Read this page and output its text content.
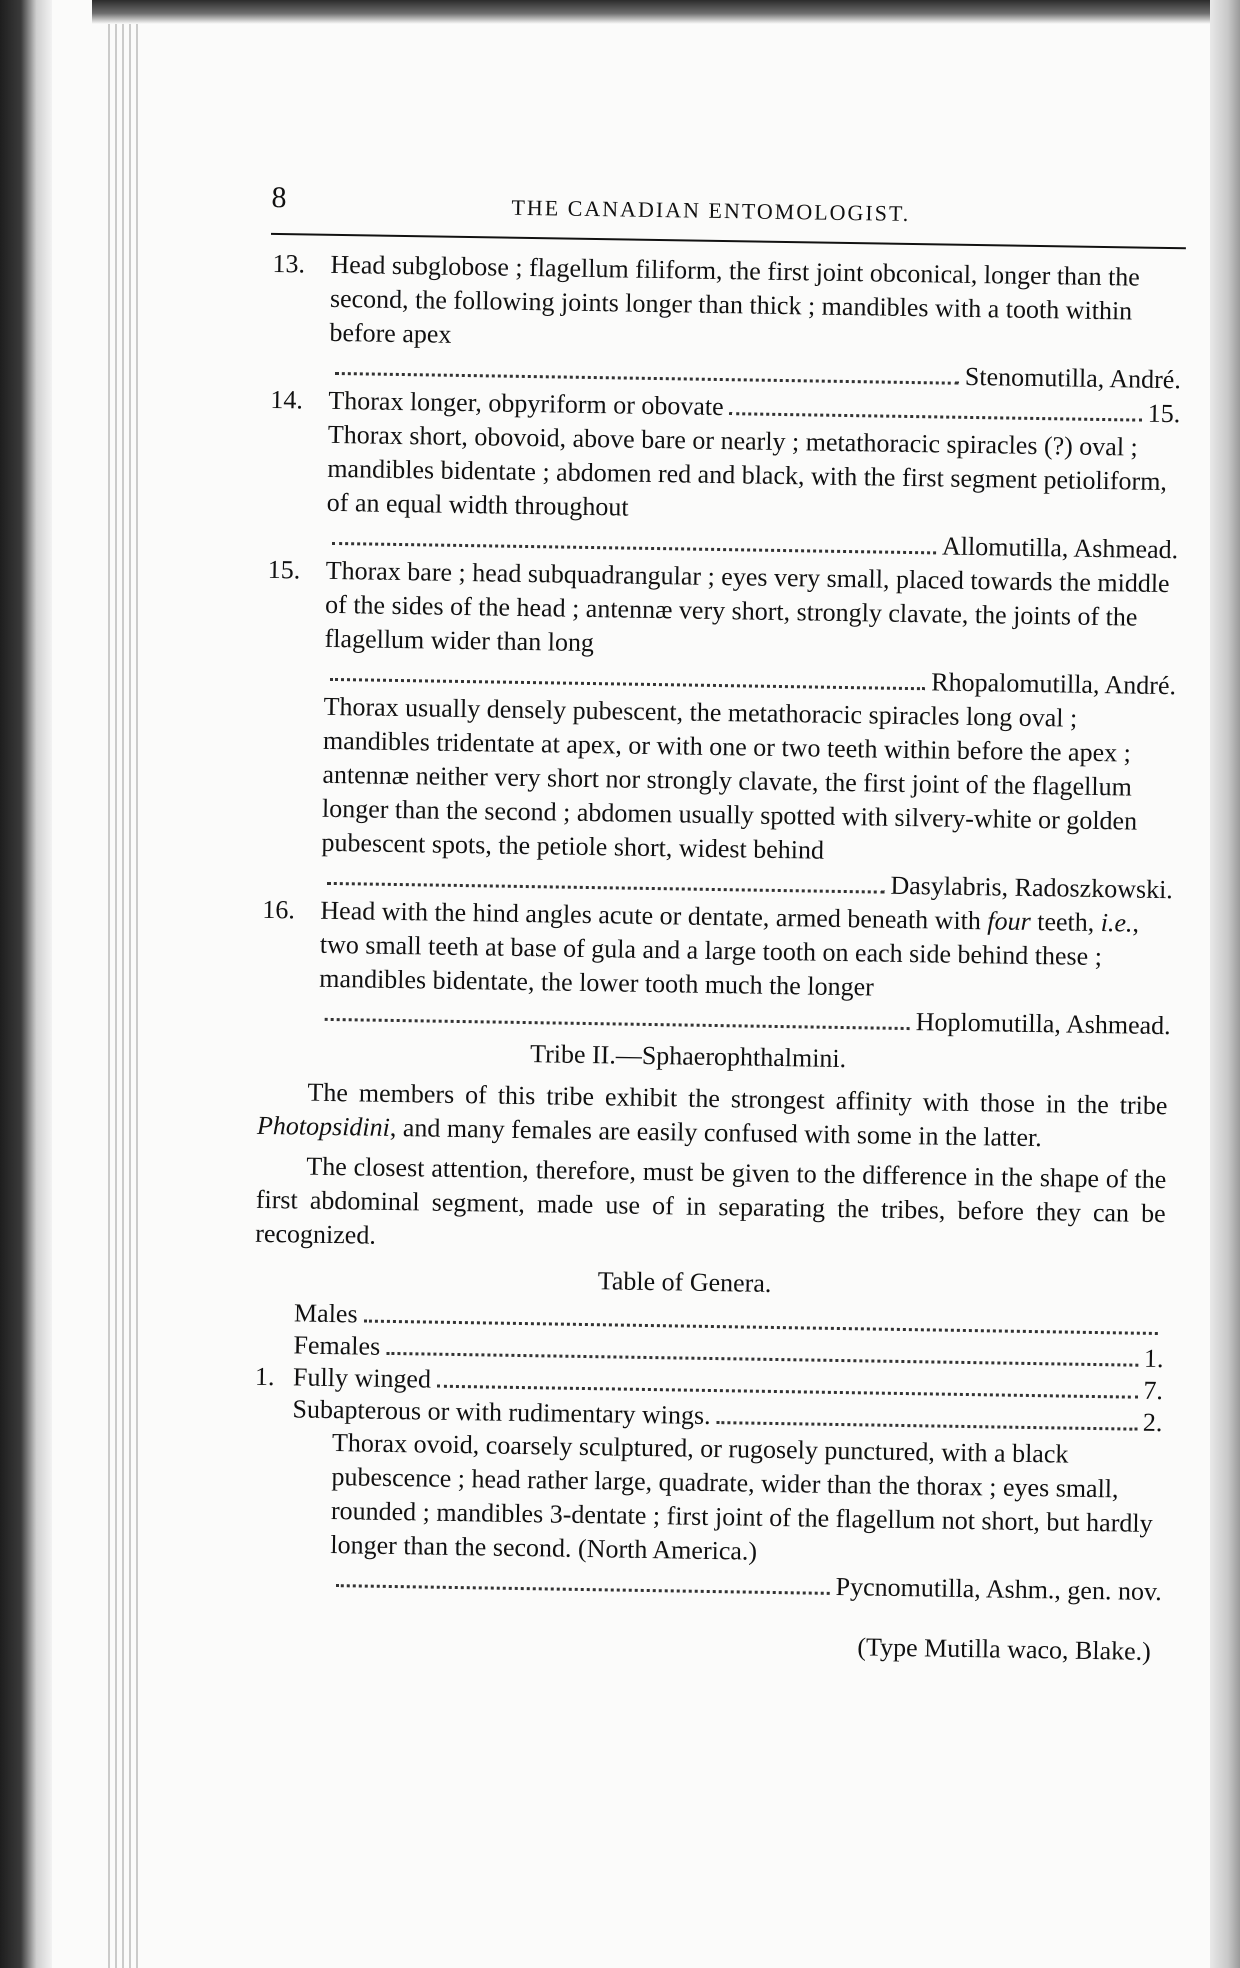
8	THE CANADIAN ENTOMOLOGIST.

13. Head subglobose ; flagellum filiform, the first joint obconical, longer than the second, the following joints longer than thick ; mandibles with a tooth within before apex
Stenomutilla, André.

14. Thorax longer, obpyriform or obovate	15.

Thorax short, obovoid, above bare or nearly ; metathoracic spiracles (?) oval ; mandibles bidentate ; abdomen red and black, with the first segment petioliform, of an equal width throughout
Allomutilla, Ashmead.

15. Thorax bare ; head subquadrangular ; eyes very small, placed towards the middle of the sides of the head ; antennæ very short, strongly clavate, the joints of the flagellum wider than long
Rhopalomutilla, André.

Thorax usually densely pubescent, the metathoracic spiracles long oval ; mandibles tridentate at apex, or with one or two teeth within before the apex ; antennæ neither very short nor strongly clavate, the first joint of the flagellum longer than the second ; abdomen usually spotted with silvery-white or golden pubescent spots, the petiole short, widest behind
Dasylabris, Radoszkowski.

16. Head with the hind angles acute or dentate, armed beneath with four teeth, i.e., two small teeth at base of gula and a large tooth on each side behind these ; mandibles bidentate, the lower tooth much the longer
Hoplomutilla, Ashmead.

Tribe II.—Sphaerophthalmini.

The members of this tribe exhibit the strongest affinity with those in the tribe Photopsidini, and many females are easily confused with some in the latter.

The closest attention, therefore, must be given to the difference in the shape of the first abdominal segment, made use of in separating the tribes, before they can be recognized.

Table of Genera.

Males
Females	1.
1. Fully winged	7.
Subapterous or with rudimentary wings.	2.

Thorax ovoid, coarsely sculptured, or rugosely punctured, with a black pubescence ; head rather large, quadrate, wider than the thorax ; eyes small, rounded ; mandibles 3-dentate ; first joint of the flagellum not short, but hardly longer than the second. (North America.)
Pycnomutilla, Ashm., gen. nov.

(Type Mutilla waco, Blake.)
